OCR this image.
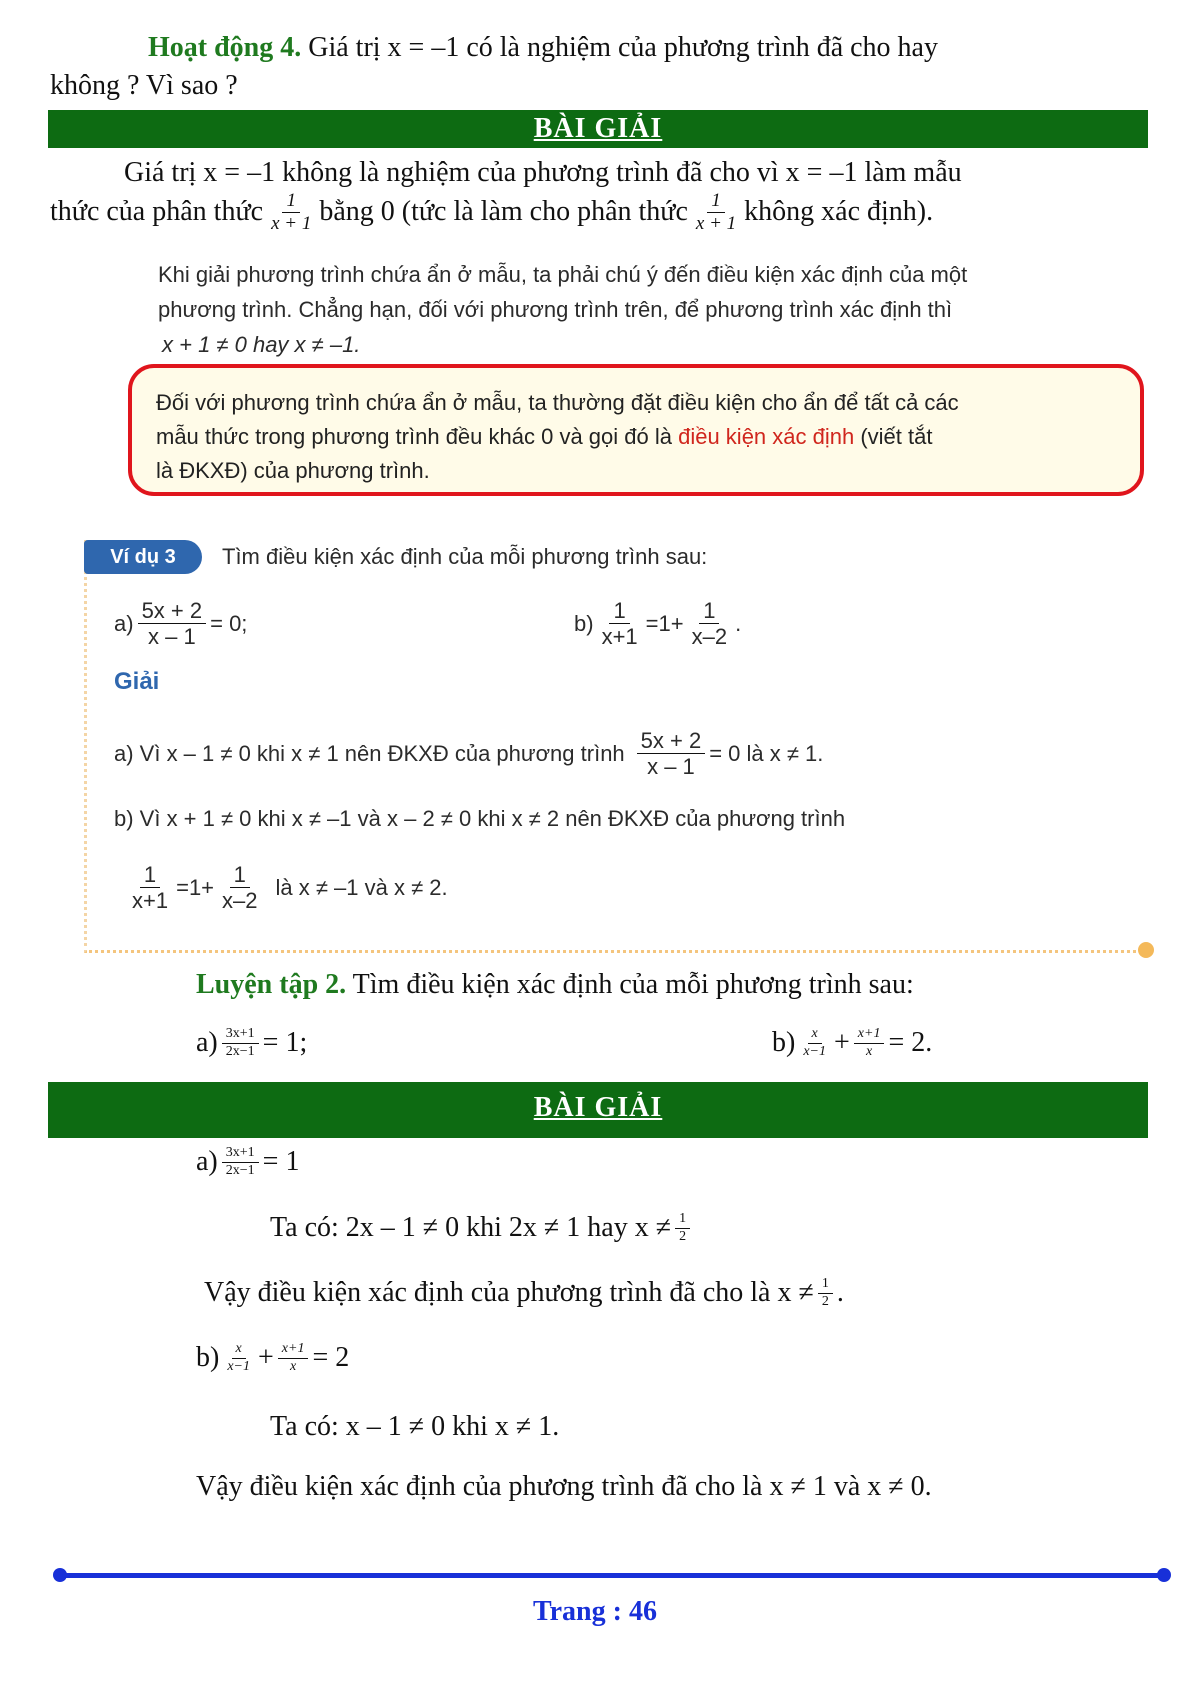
Hoạt động 4. Giá trị x = –1 có là nghiệm của phương trình đã cho hay
không ? Vì sao ?
BÀI GIẢI
Giá trị x = –1 không là nghiệm của phương trình đã cho vì x = –1 làm mẫu
thức của phân thức $\frac{1}{x + 1}$ bằng 0 (tức là làm cho phân thức $\frac{1}{x + 1}$ không xác định).
Khi giải phương trình chứa ẩn ở mẫu, ta phải chú ý đến điều kiện xác định của một
phương trình. Chẳng hạn, đối với phương trình trên, để phương trình xác định thì
x + 1 ≠ 0 hay x ≠ –1.
Đối với phương trình chứa ẩn ở mẫu, ta thường đặt điều kiện cho ẩn để tất cả các
mẫu thức trong phương trình đều khác 0 và gọi đó là điều kiện xác định (viết tắt
là ĐKXĐ) của phương trình.
Ví dụ 3	Tìm điều kiện xác định của mỗi phương trình sau:
$a) \frac{5x + 2}{x - 1} = 0$;	$b) \frac{1}{x+1} =1+ \frac{1}{x-2}$ .
Giải
a) Vì x – 1 ≠ 0 khi x ≠ 1 nên ĐKXĐ của phương trình $\frac{5x + 2}{x - 1} = 0$ là x ≠ 1.
b) Vì x + 1 ≠ 0 khi x ≠ –1 và x – 2 ≠ 0 khi x ≠ 2 nên ĐKXĐ của phương trình
$\frac{1}{x+1} =1+ \frac{1}{x-2}$ là x ≠ –1 và x ≠ 2.
Luyện tập 2. Tìm điều kiện xác định của mỗi phương trình sau:
$a) \frac{3x+1}{2x-1} = 1$;	$b) \frac{x}{x-1} + \frac{x+1}{x} = 2$.
BÀI GIẢI
$a) \frac{3x+1}{2x-1} = 1$
Ta có: 2x – 1 ≠ 0 khi 2x ≠ 1 hay $x \ne \frac{1}{2}$
Vậy điều kiện xác định của phương trình đã cho là $x \ne \frac{1}{2}$ .
$b) \frac{x}{x-1} + \frac{x+1}{x} = 2$
Ta có: x – 1 ≠ 0 khi x ≠ 1.
Vậy điều kiện xác định của phương trình đã cho là x ≠ 1 và x ≠ 0.
Trang : 46
